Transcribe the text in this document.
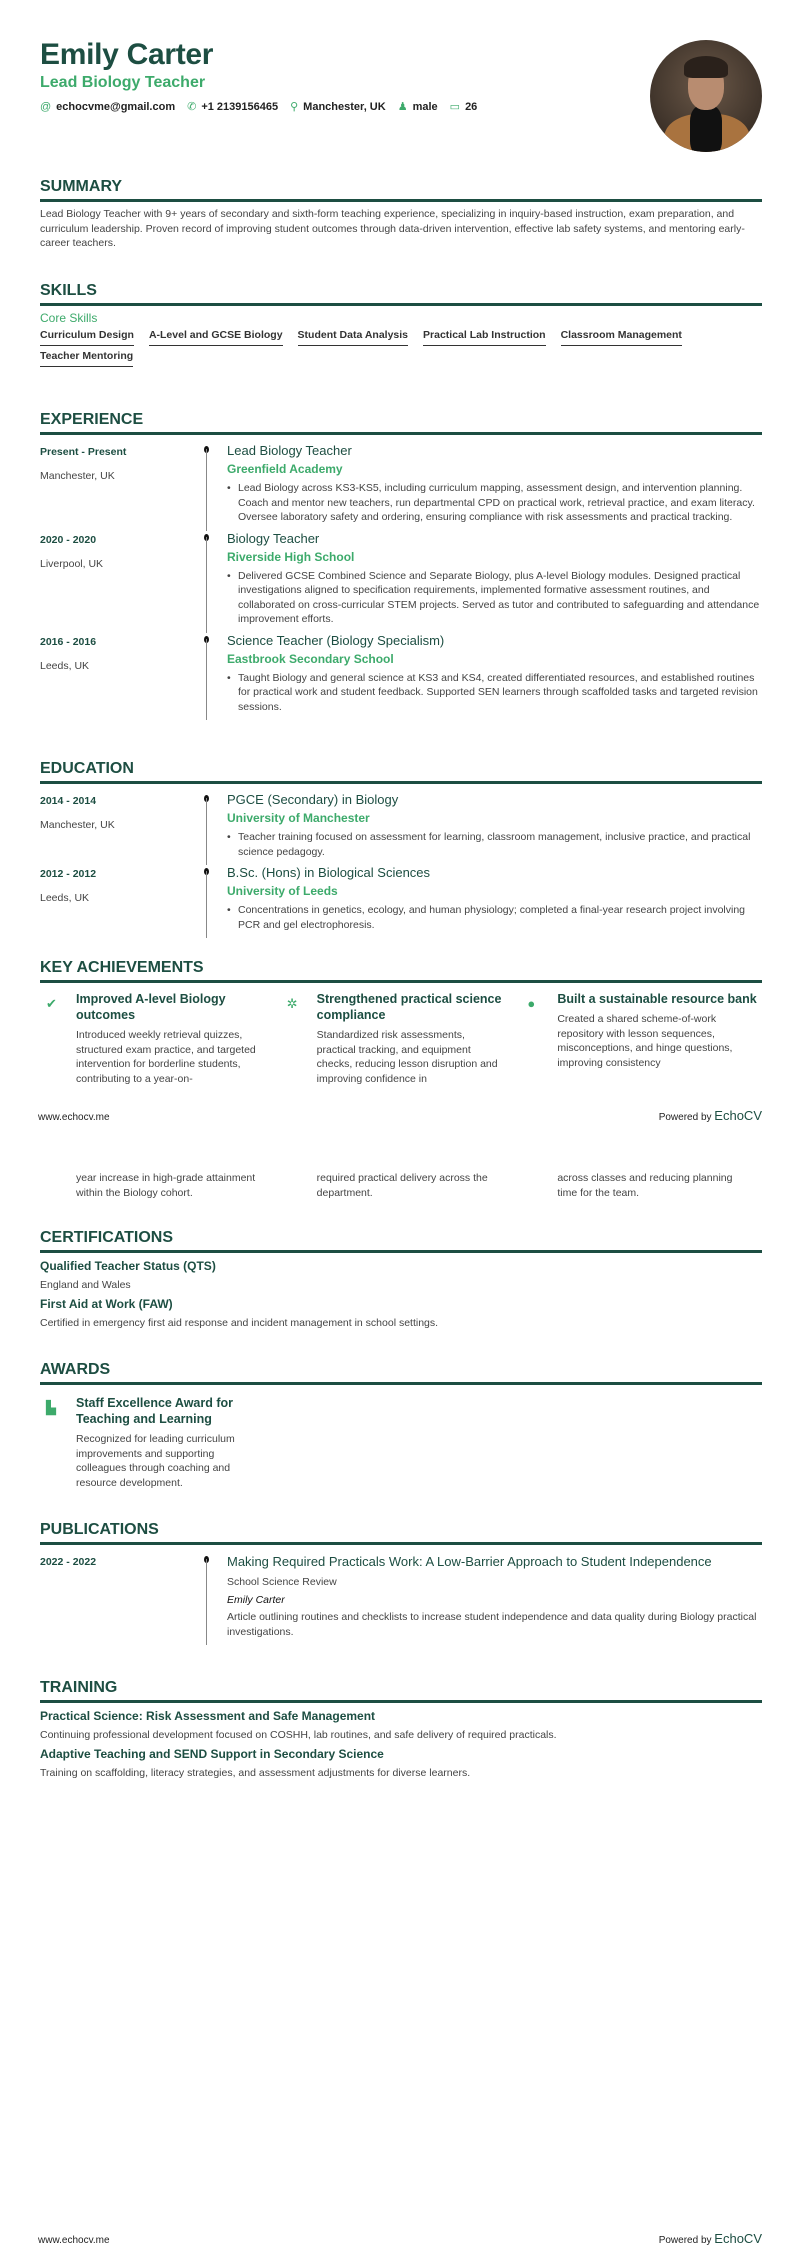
Emily Carter
Lead Biology Teacher
@ echocvme@gmail.com ✆ +1 2139156465 ⚲ Manchester, UK ♟ male ▭ 26
SUMMARY
Lead Biology Teacher with 9+ years of secondary and sixth-form teaching experience, specializing in inquiry-based instruction, exam preparation, and curriculum leadership. Proven record of improving student outcomes through data-driven intervention, effective lab safety systems, and mentoring early-career teachers.
SKILLS
Core Skills
Curriculum Design A-Level and GCSE Biology Student Data Analysis Practical Lab Instruction Classroom Management
Teacher Mentoring
EXPERIENCE
Present - Present
Manchester, UK
Lead Biology Teacher
Greenfield Academy
• Lead Biology across KS3-KS5, including curriculum mapping, assessment design, and intervention planning. Coach and mentor new teachers, run departmental CPD on practical work, retrieval practice, and exam literacy. Oversee laboratory safety and ordering, ensuring compliance with risk assessments and practical tracking.
2020 - 2020
Liverpool, UK
Biology Teacher
Riverside High School
• Delivered GCSE Combined Science and Separate Biology, plus A-level Biology modules. Designed practical investigations aligned to specification requirements, implemented formative assessment routines, and collaborated on cross-curricular STEM projects. Served as tutor and contributed to safeguarding and attendance improvement efforts.
2016 - 2016
Leeds, UK
Science Teacher (Biology Specialism)
Eastbrook Secondary School
• Taught Biology and general science at KS3 and KS4, created differentiated resources, and established routines for practical work and student feedback. Supported SEN learners through scaffolded tasks and targeted revision sessions.
EDUCATION
2014 - 2014
Manchester, UK
PGCE (Secondary) in Biology
University of Manchester
• Teacher training focused on assessment for learning, classroom management, inclusive practice, and practical science pedagogy.
2012 - 2012
Leeds, UK
B.Sc. (Hons) in Biological Sciences
University of Leeds
• Concentrations in genetics, ecology, and human physiology; completed a final-year research project involving PCR and gel electrophoresis.
KEY ACHIEVEMENTS
✔	Improved A-level Biology outcomes
Introduced weekly retrieval quizzes, structured exam practice, and targeted intervention for borderline students, contributing to a year-on-
✲	Strengthened practical science compliance
Standardized risk assessments, practical tracking, and equipment checks, reducing lesson disruption and improving confidence in
●	Built a sustainable resource bank
Created a shared scheme-of-work repository with lesson sequences, misconceptions, and hinge questions, improving consistency
www.echocv.me	Powered by EchoCV
year increase in high-grade attainment within the Biology cohort.
required practical delivery across the department.
across classes and reducing planning time for the team.
CERTIFICATIONS
Qualified Teacher Status (QTS)
England and Wales
First Aid at Work (FAW)
Certified in emergency first aid response and incident management in school settings.
AWARDS
▙	Staff Excellence Award for Teaching and Learning
Recognized for leading curriculum improvements and supporting colleagues through coaching and resource development.
PUBLICATIONS
2022 - 2022	Making Required Practicals Work: A Low-Barrier Approach to Student Independence
School Science Review
Emily Carter
Article outlining routines and checklists to increase student independence and data quality during Biology practical investigations.
TRAINING
Practical Science: Risk Assessment and Safe Management
Continuing professional development focused on COSHH, lab routines, and safe delivery of required practicals.
Adaptive Teaching and SEND Support in Secondary Science
Training on scaffolding, literacy strategies, and assessment adjustments for diverse learners.
www.echocv.me	Powered by EchoCV
